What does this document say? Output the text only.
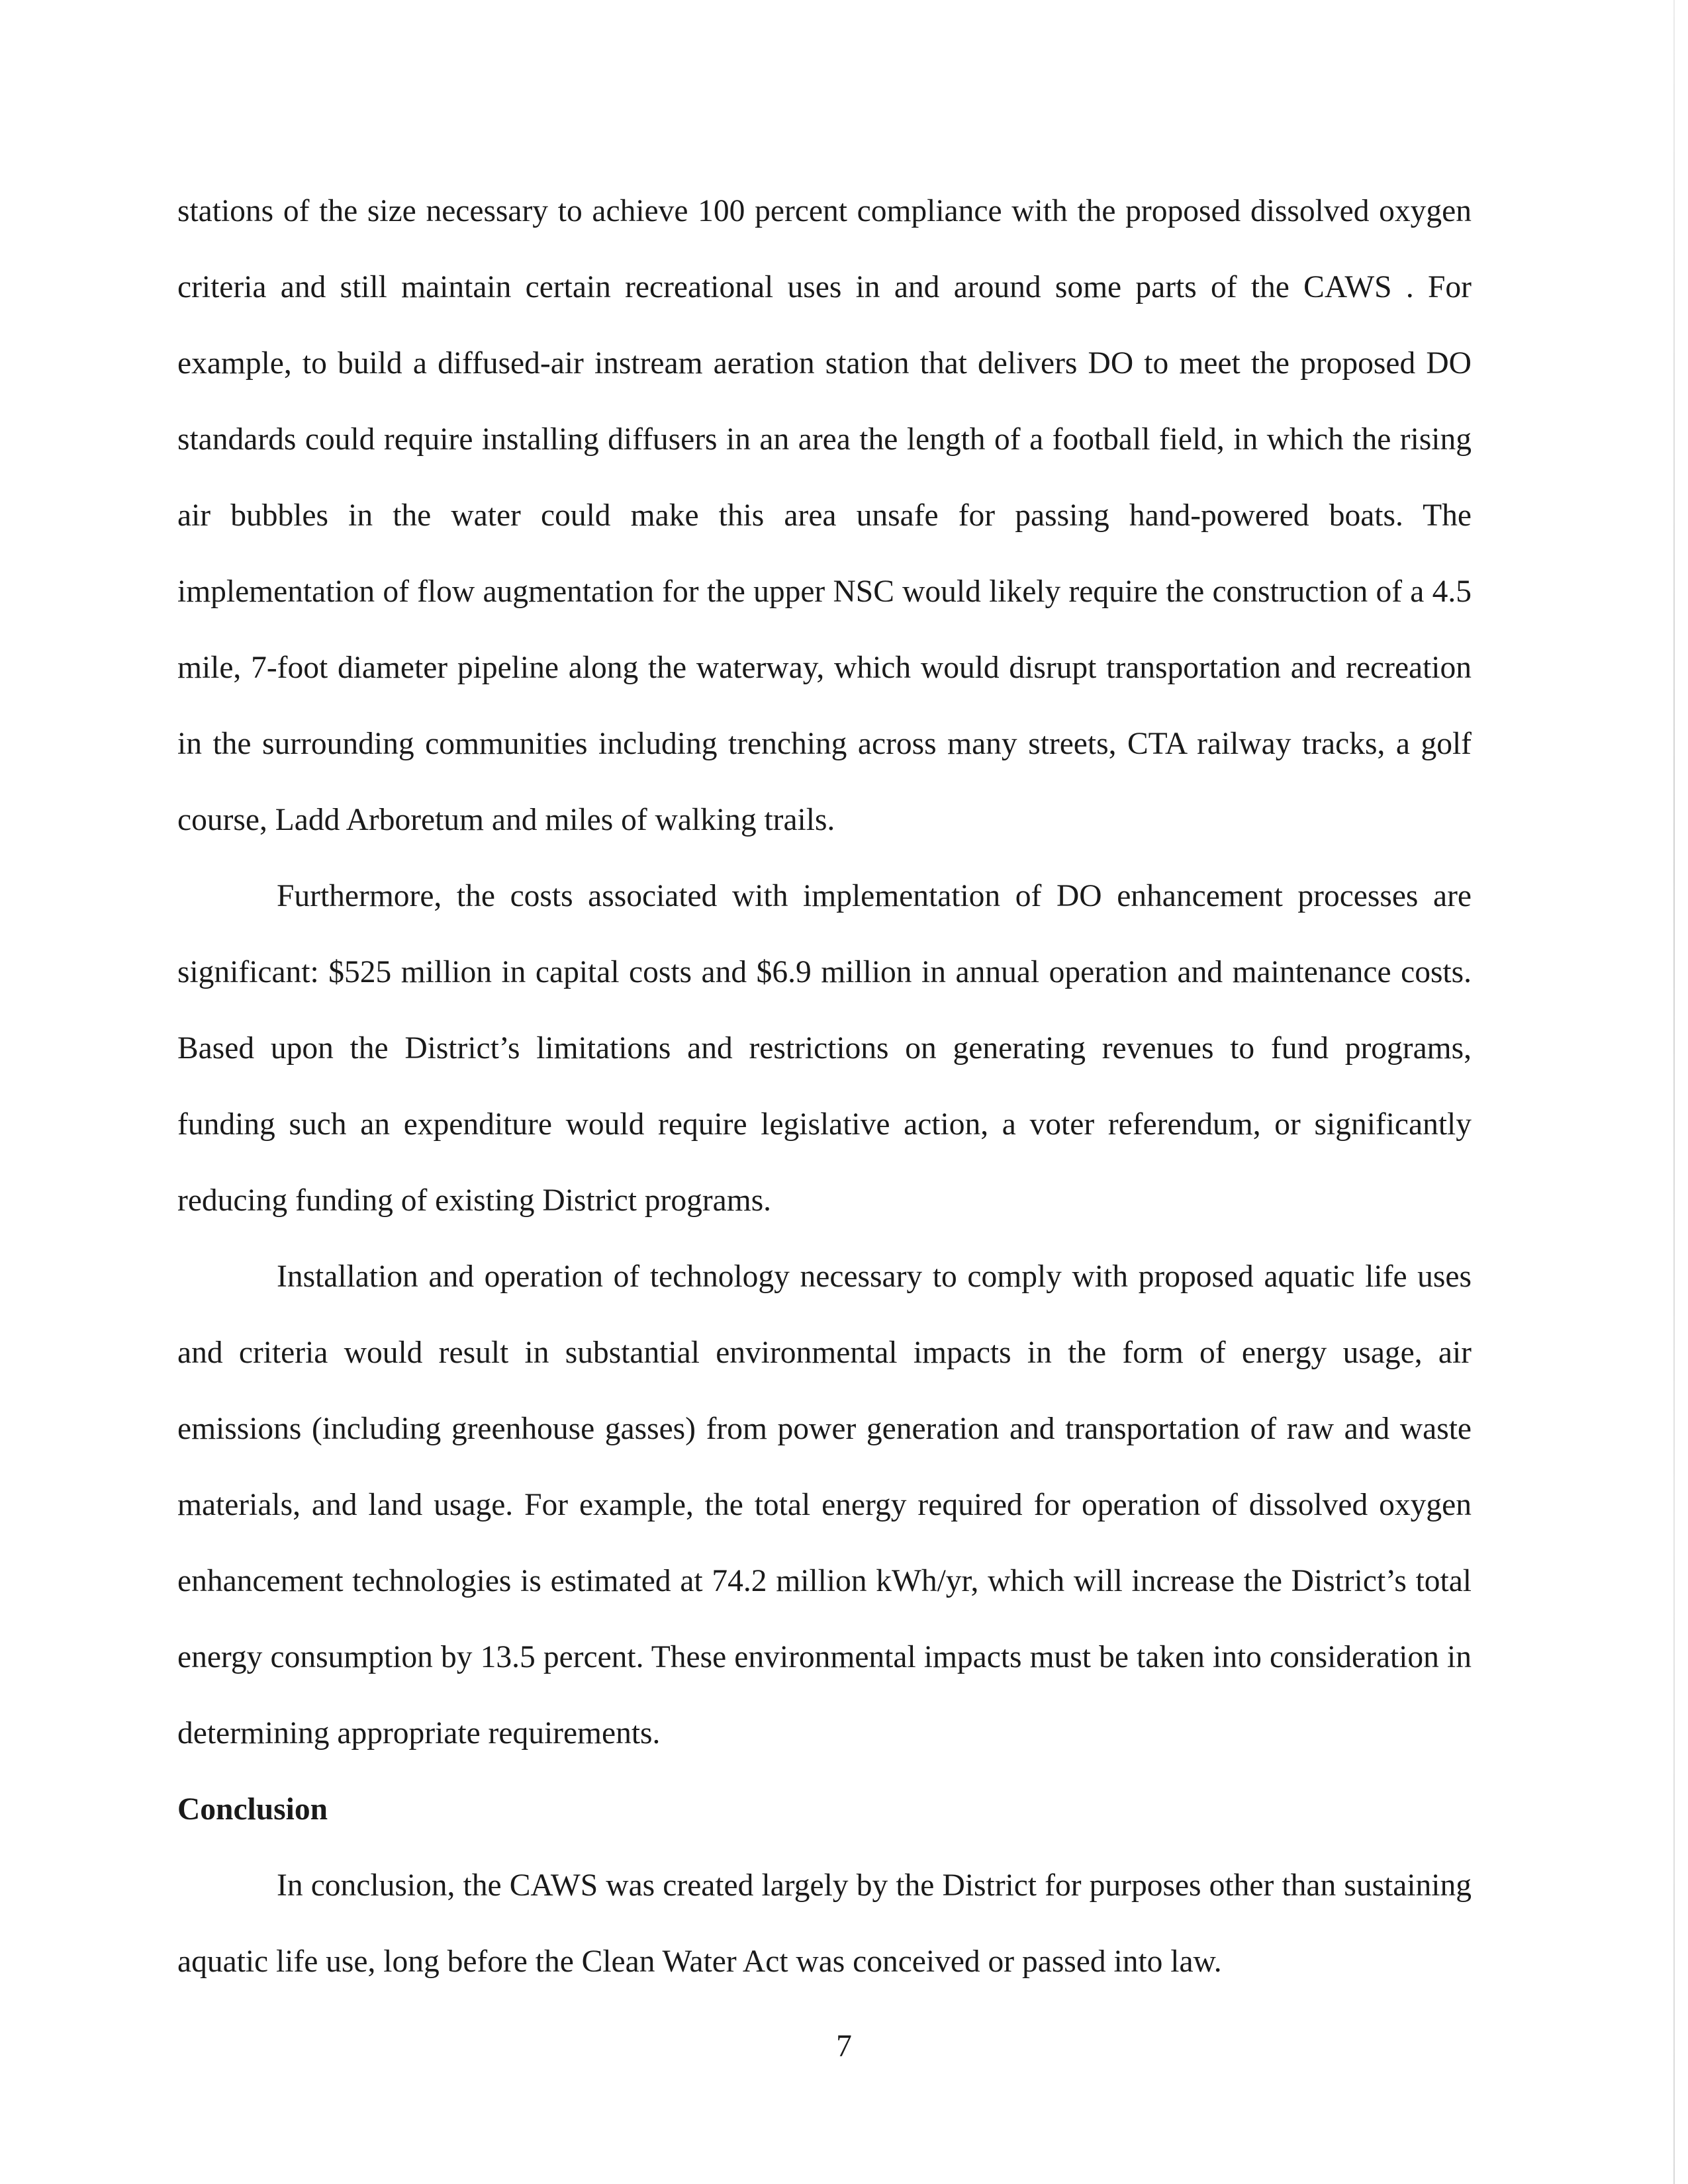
stations of the size necessary to achieve 100 percent compliance with the proposed dissolved oxygen criteria and still maintain certain recreational uses in and around some parts of the CAWS . For example, to build a diffused-air instream aeration station that delivers DO to meet the proposed DO standards could require installing diffusers in an area the length of a football field, in which the rising air bubbles in the water could make this area unsafe for passing hand-powered boats. The implementation of flow augmentation for the upper NSC would likely require the construction of a 4.5 mile, 7-foot diameter pipeline along the waterway, which would disrupt transportation and recreation in the surrounding communities including trenching across many streets, CTA railway tracks, a golf course, Ladd Arboretum and miles of walking trails.

Furthermore, the costs associated with implementation of DO enhancement processes are significant: $525 million in capital costs and $6.9 million in annual operation and maintenance costs. Based upon the District’s limitations and restrictions on generating revenues to fund programs, funding such an expenditure would require legislative action, a voter referendum, or significantly reducing funding of existing District programs.

Installation and operation of technology necessary to comply with proposed aquatic life uses and criteria would result in substantial environmental impacts in the form of energy usage, air emissions (including greenhouse gasses) from power generation and transportation of raw and waste materials, and land usage. For example, the total energy required for operation of dissolved oxygen enhancement technologies is estimated at 74.2 million kWh/yr, which will increase the District’s total energy consumption by 13.5 percent. These environmental impacts must be taken into consideration in determining appropriate requirements.

Conclusion

In conclusion, the CAWS was created largely by the District for purposes other than sustaining aquatic life use, long before the Clean Water Act was conceived or passed into law.

7
